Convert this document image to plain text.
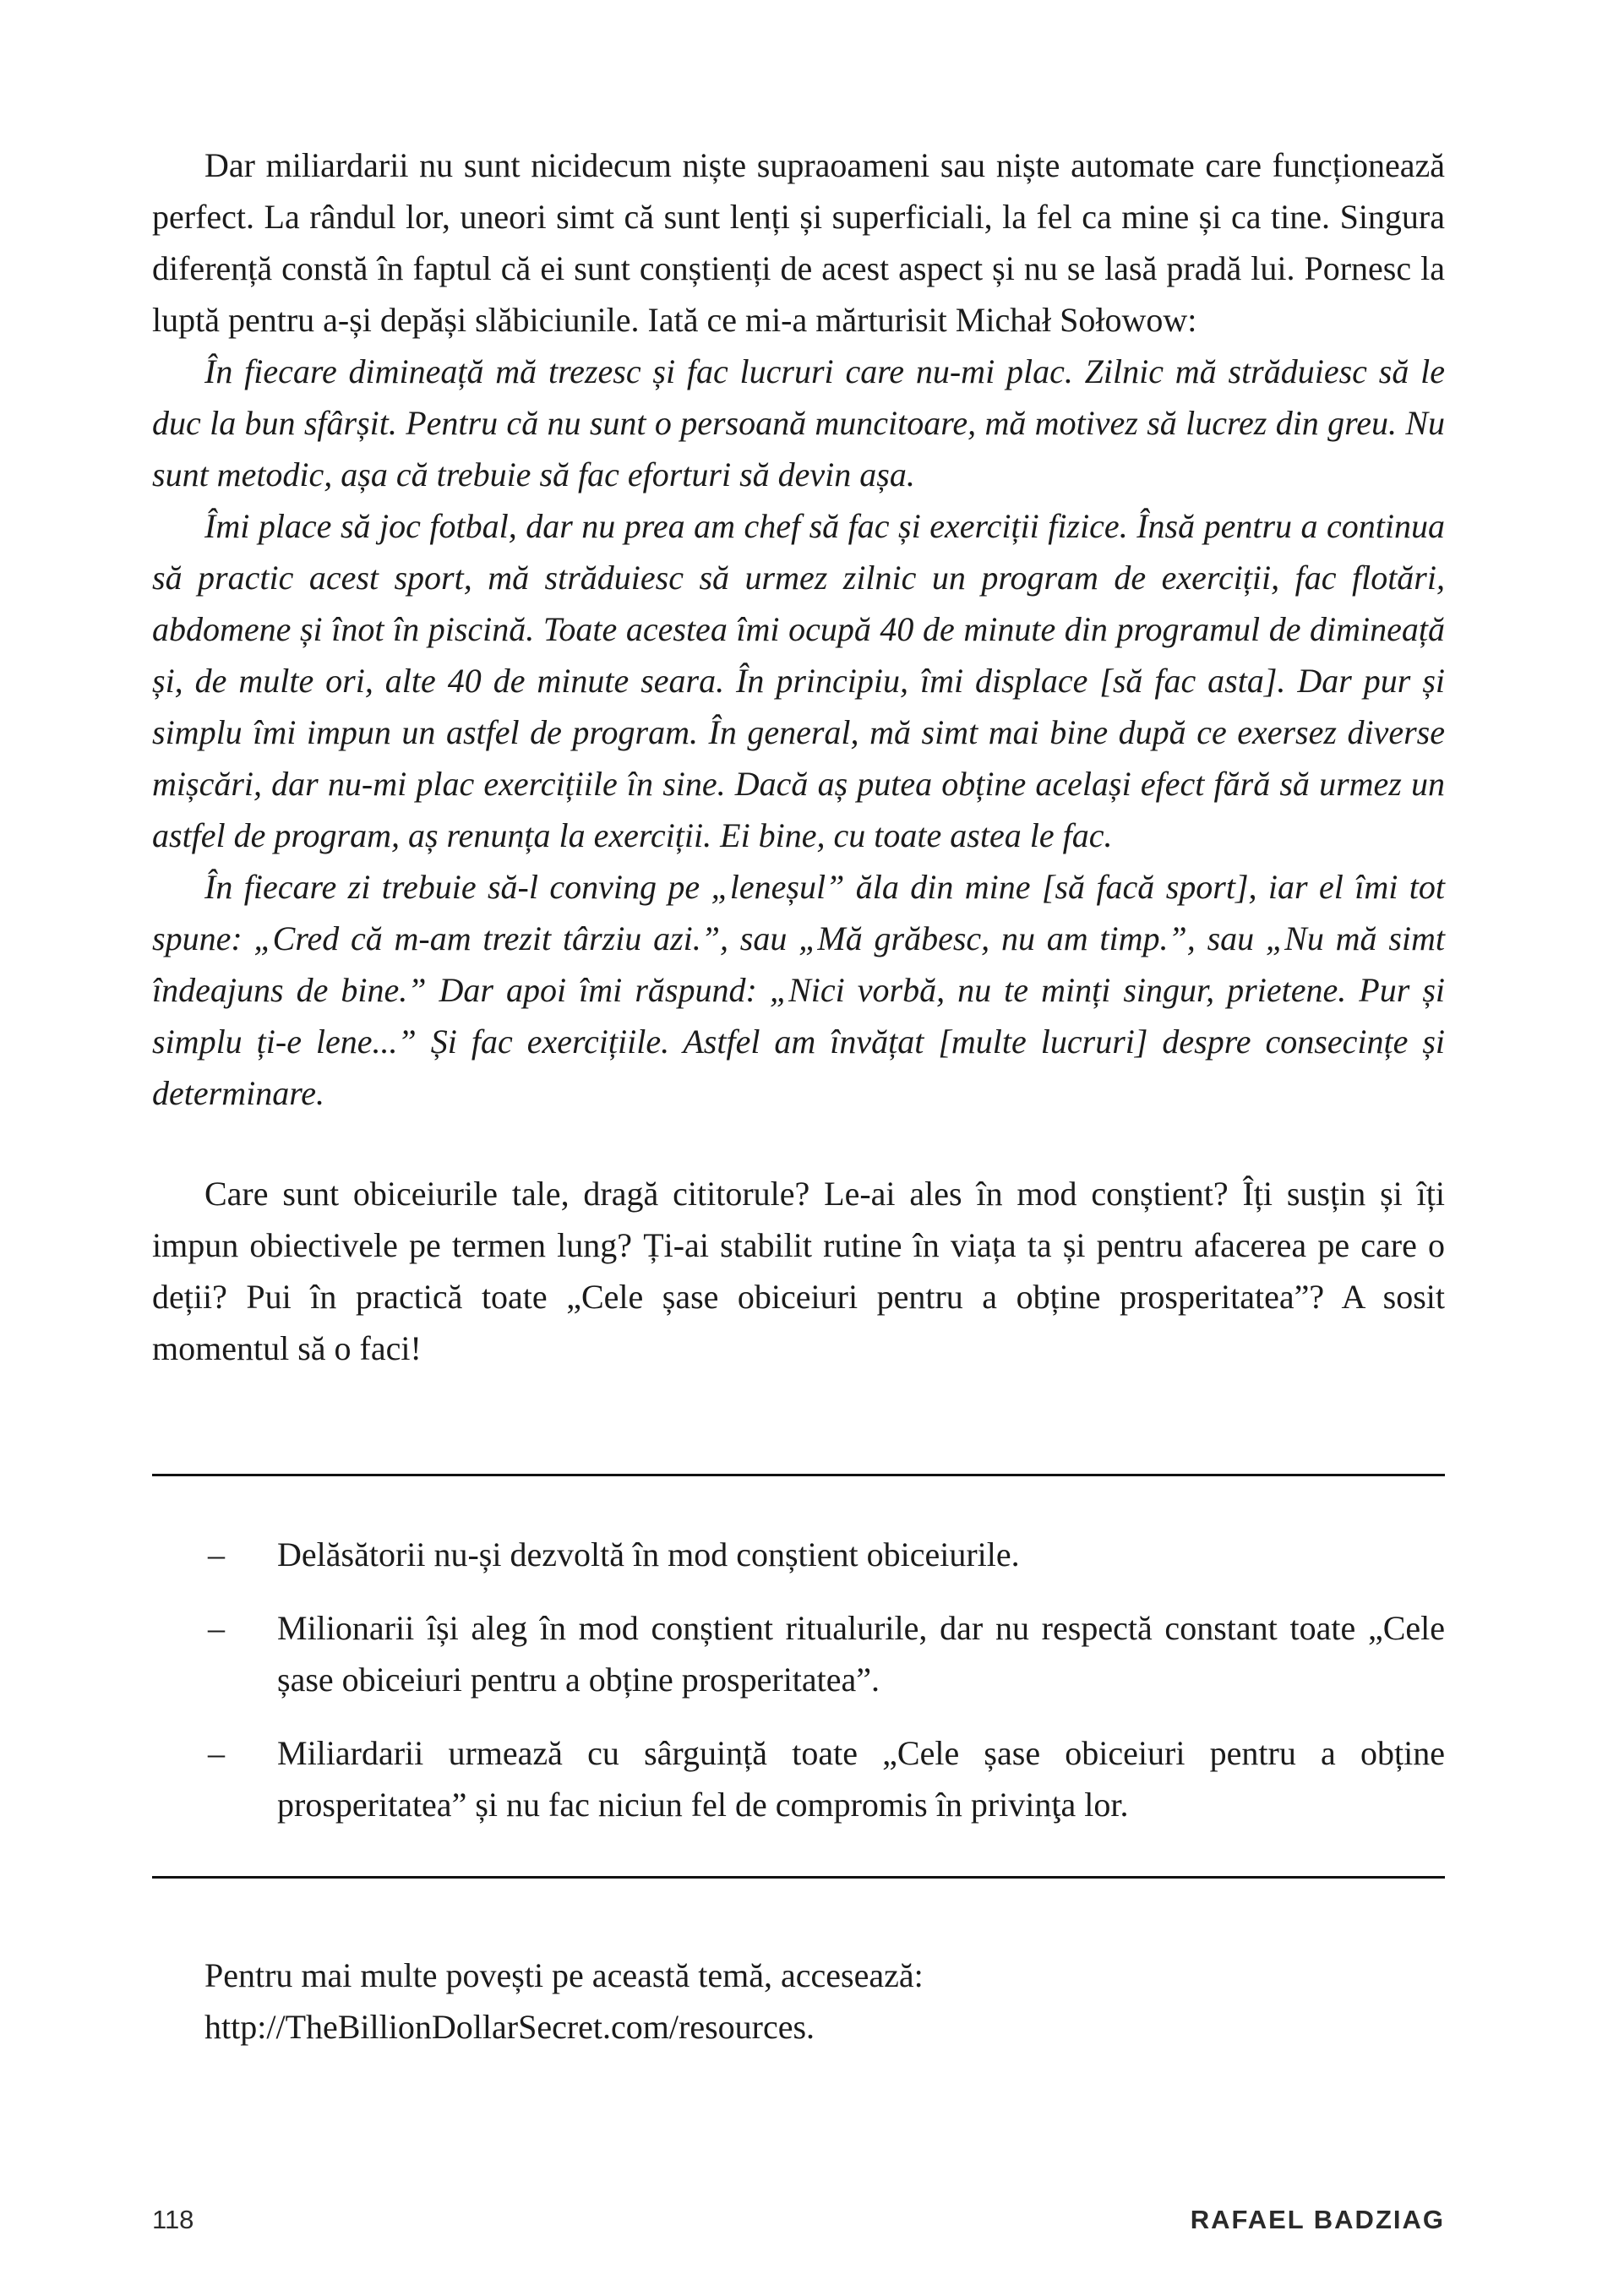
Dar miliardarii nu sunt nicidecum niște supraoameni sau niște automate care funcționează perfect. La rândul lor, uneori simt că sunt lenți și superficiali, la fel ca mine și ca tine. Singura diferență constă în faptul că ei sunt conștienți de acest aspect și nu se lasă pradă lui. Pornesc la luptă pentru a-și depăși slăbiciunile. Iată ce mi-a mărturisit Michał Sołowow:

În fiecare dimineață mă trezesc și fac lucruri care nu-mi plac. Zilnic mă străduiesc să le duc la bun sfârșit. Pentru că nu sunt o persoană muncitoare, mă motivez să lucrez din greu. Nu sunt metodic, așa că trebuie să fac eforturi să devin așa.

Îmi place să joc fotbal, dar nu prea am chef să fac și exerciții fizice. Însă pentru a continua să practic acest sport, mă străduiesc să urmez zilnic un program de exerciții, fac flotări, abdomene și înot în piscină. Toate acestea îmi ocupă 40 de minute din programul de dimineață și, de multe ori, alte 40 de minute seara. În principiu, îmi displace [să fac asta]. Dar pur și simplu îmi impun un astfel de program. În general, mă simt mai bine după ce exersez diverse mișcări, dar nu-mi plac exercițiile în sine. Dacă aș putea obține același efect fără să urmez un astfel de program, aș renunța la exerciții. Ei bine, cu toate astea le fac.

În fiecare zi trebuie să-l conving pe „leneșul” ăla din mine [să facă sport], iar el îmi tot spune: „Cred că m-am trezit târziu azi.”, sau „Mă grăbesc, nu am timp.”, sau „Nu mă simt îndeajuns de bine.” Dar apoi îmi răspund: „Nici vorbă, nu te minți singur, prietene. Pur și simplu ți-e lene...” Și fac exercițiile. Astfel am învățat [multe lucruri] despre consecințe și determinare.

Care sunt obiceiurile tale, dragă cititorule? Le-ai ales în mod conștient? Îți susțin și îți impun obiectivele pe termen lung? Ți-ai stabilit rutine în viața ta și pentru afacerea pe care o deții? Pui în practică toate „Cele șase obiceiuri pentru a obține prosperitatea”? A sosit momentul să o faci!

–	Delăsătorii nu-și dezvoltă în mod conștient obiceiurile.
–	Milionarii își aleg în mod conștient ritualurile, dar nu respectă constant toate „Cele șase obiceiuri pentru a obține prosperitatea”.
–	Miliardarii urmează cu sârguință toate „Cele șase obiceiuri pentru a obține prosperitatea” și nu fac niciun fel de compromis în privinţa lor.

Pentru mai multe povești pe această temă, accesează:

http://TheBillionDollarSecret.com/resources.

118	RAFAEL BADZIAG
